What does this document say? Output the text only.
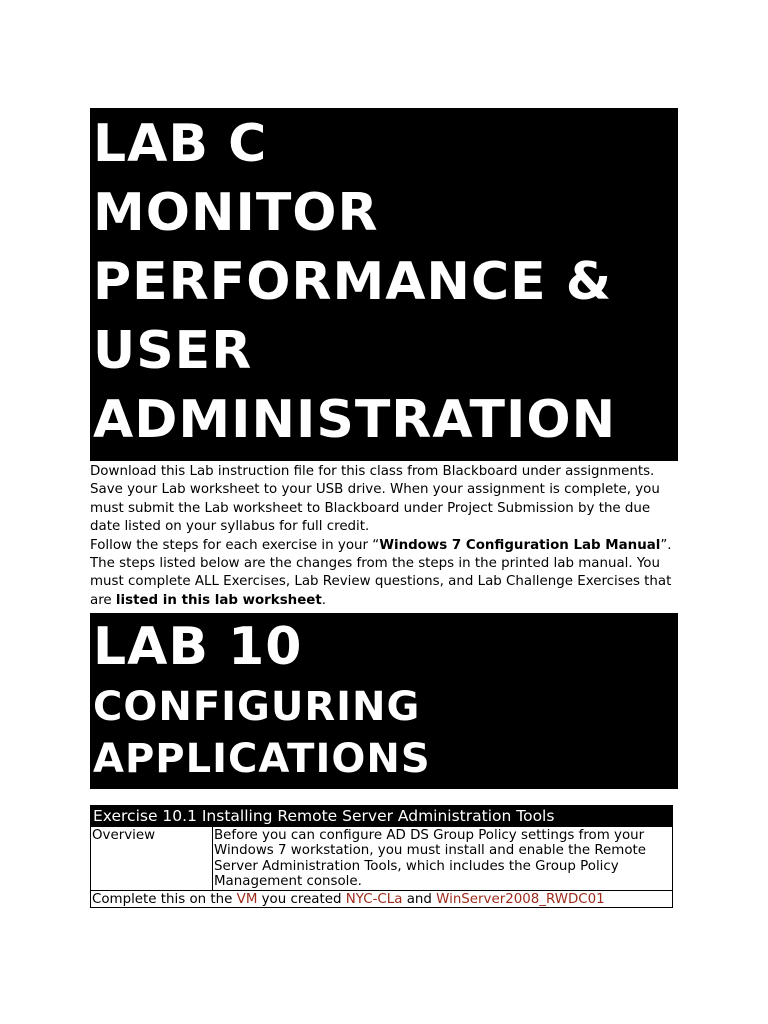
LAB C
MONITOR
PERFORMANCE &
USER
ADMINISTRATION

Download this Lab instruction file for this class from Blackboard under assignments. Save your Lab worksheet to your USB drive. When your assignment is complete, you must submit the Lab worksheet to Blackboard under Project Submission by the due date listed on your syllabus for full credit.

Follow the steps for each exercise in your “Windows 7 Configuration Lab Manual”. The steps listed below are the changes from the steps in the printed lab manual. You must complete ALL Exercises, Lab Review questions, and Lab Challenge Exercises that are listed in this lab worksheet.

LAB 10
CONFIGURING
APPLICATIONS
Exercise 10.1 Installing Remote Server Administration Tools
Overview	Before you can configure AD DS Group Policy settings from your Windows 7 workstation, you must install and enable the Remote Server Administration Tools, which includes the Group Policy Management console.
Complete this on the VM you created NYC-CLa and WinServer2008_RWDC01
